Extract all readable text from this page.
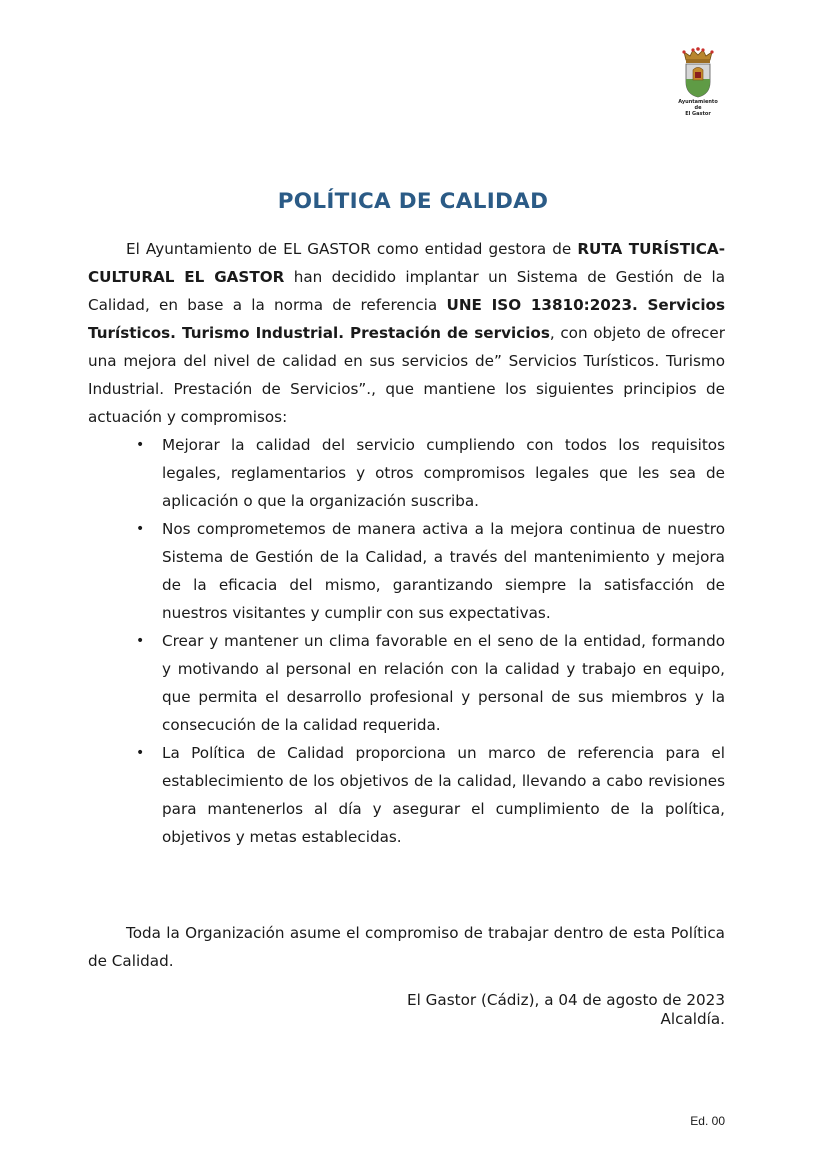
Ayuntamiento
de
El Gastor
POLÍTICA DE CALIDAD

El Ayuntamiento de EL GASTOR como entidad gestora de RUTA TURÍSTICA-CULTURAL EL GASTOR han decidido implantar un Sistema de Gestión de la Calidad, en base a la norma de referencia UNE ISO 13810:2023. Servicios Turísticos. Turismo Industrial. Prestación de servicios, con objeto de ofrecer una mejora del nivel de calidad en sus servicios de” Servicios Turísticos. Turismo Industrial. Prestación de Servicios”., que mantiene los siguientes principios de actuación y compromisos:

• Mejorar la calidad del servicio cumpliendo con todos los requisitos legales, reglamentarios y otros compromisos legales que les sea de aplicación o que la organización suscriba.
• Nos comprometemos de manera activa a la mejora continua de nuestro Sistema de Gestión de la Calidad, a través del mantenimiento y mejora de la eficacia del mismo, garantizando siempre la satisfacción de nuestros visitantes y cumplir con sus expectativas.
• Crear y mantener un clima favorable en el seno de la entidad, formando y motivando al personal en relación con la calidad y trabajo en equipo, que permita el desarrollo profesional y personal de sus miembros y la consecución de la calidad requerida.
• La Política de Calidad proporciona un marco de referencia para el establecimiento de los objetivos de la calidad, llevando a cabo revisiones para mantenerlos al día y asegurar el cumplimiento de la política, objetivos y metas establecidas.

Toda la Organización asume el compromiso de trabajar dentro de esta Política de Calidad.

El Gastor (Cádiz), a 04 de agosto de 2023
Alcaldía.
Ed. 00
